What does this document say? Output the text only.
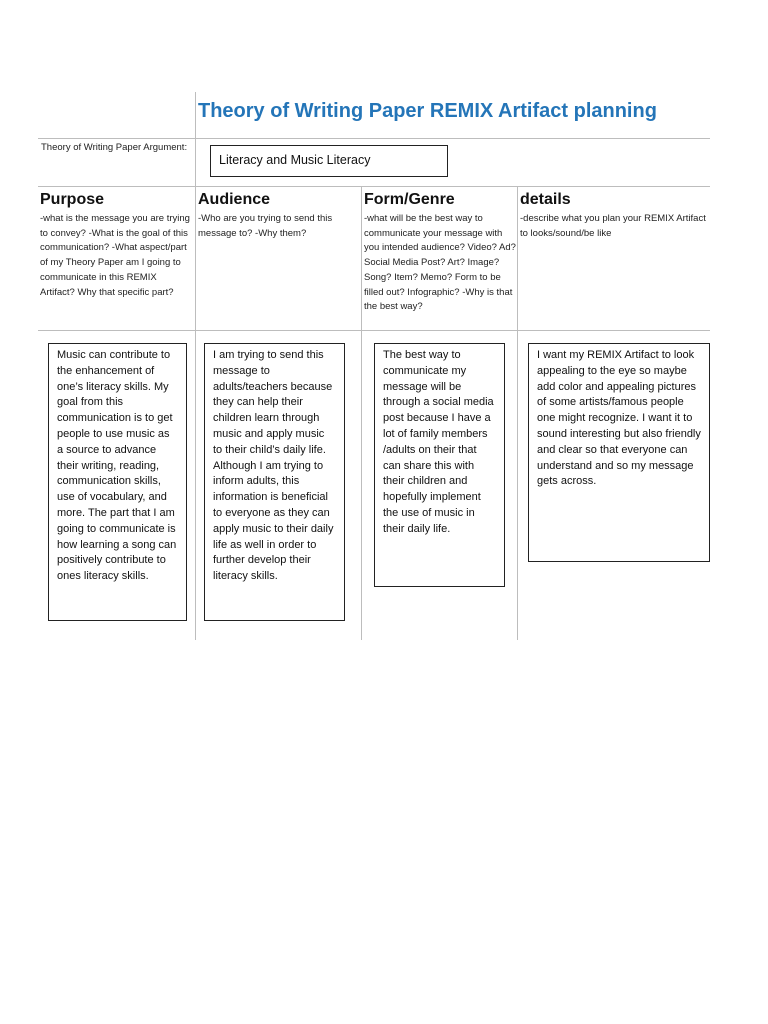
Theory of Writing Paper REMIX Artifact planning
Theory of Writing Paper Argument:
Literacy and Music Literacy
Purpose
-what is the message you are trying to convey? -What is the goal of this communication? -What aspect/part of my Theory Paper am I going to communicate in this REMIX Artifact? Why that specific part?
Music can contribute to the enhancement of one’s literacy skills. My goal from this communication is to get people to use music as a source to advance their writing, reading, communication skills, use of vocabulary, and more. The part that I am going to communicate is how learning a song can positively contribute to ones literacy skills.
Audience
-Who are you trying to send this message to? -Why them?
I am trying to send this message to adults/teachers because they can help their children learn through music and apply music to their child’s daily life. Although I am trying to inform adults, this information is beneficial to everyone as they can apply music to their daily life as well in order to further develop their literacy skills.
Form/Genre
-what will be the best way to communicate your message with you intended audience? Video? Ad? Social Media Post? Art? Image? Song? Item? Memo? Form to be filled out? Infographic? -Why is that the best way?
The best way to communicate my message will be through a social media post because I have a lot of family members /adults on their that can share this with their children and hopefully implement the use of music in their daily life.
details
-describe what you plan your REMIX Artifact to looks/sound/be like
I want my REMIX Artifact to look appealing to the eye so maybe add color and appealing pictures of some artists/famous people one might recognize. I want it to sound interesting but also friendly and clear so that everyone can understand and so my message gets across.
